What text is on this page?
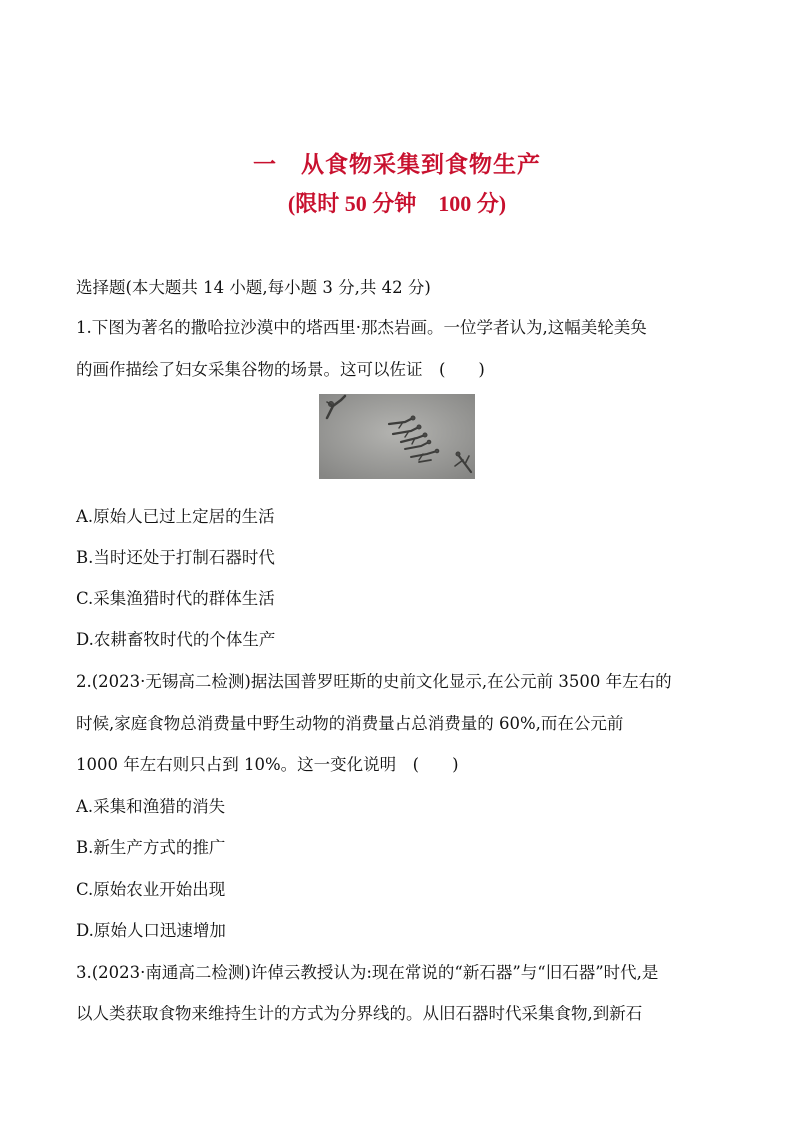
一　从食物采集到食物生产
(限时 50 分钟　100 分)
选择题(本大题共 14 小题,每小题 3 分,共 42 分)
1.下图为著名的撒哈拉沙漠中的塔西里·那杰岩画。一位学者认为,这幅美轮美奂
的画作描绘了妇女采集谷物的场景。这可以佐证　(　　)
A.原始人已过上定居的生活
B.当时还处于打制石器时代
C.采集渔猎时代的群体生活
D.农耕畜牧时代的个体生产
2.(2023·无锡高二检测)据法国普罗旺斯的史前文化显示,在公元前 3500 年左右的
时候,家庭食物总消费量中野生动物的消费量占总消费量的 60%,而在公元前
1000 年左右则只占到 10%。这一变化说明　(　　)
A.采集和渔猎的消失
B.新生产方式的推广
C.原始农业开始出现
D.原始人口迅速增加
3.(2023·南通高二检测)许倬云教授认为:现在常说的“新石器”与“旧石器”时代,是
以人类获取食物来维持生计的方式为分界线的。从旧石器时代采集食物,到新石
